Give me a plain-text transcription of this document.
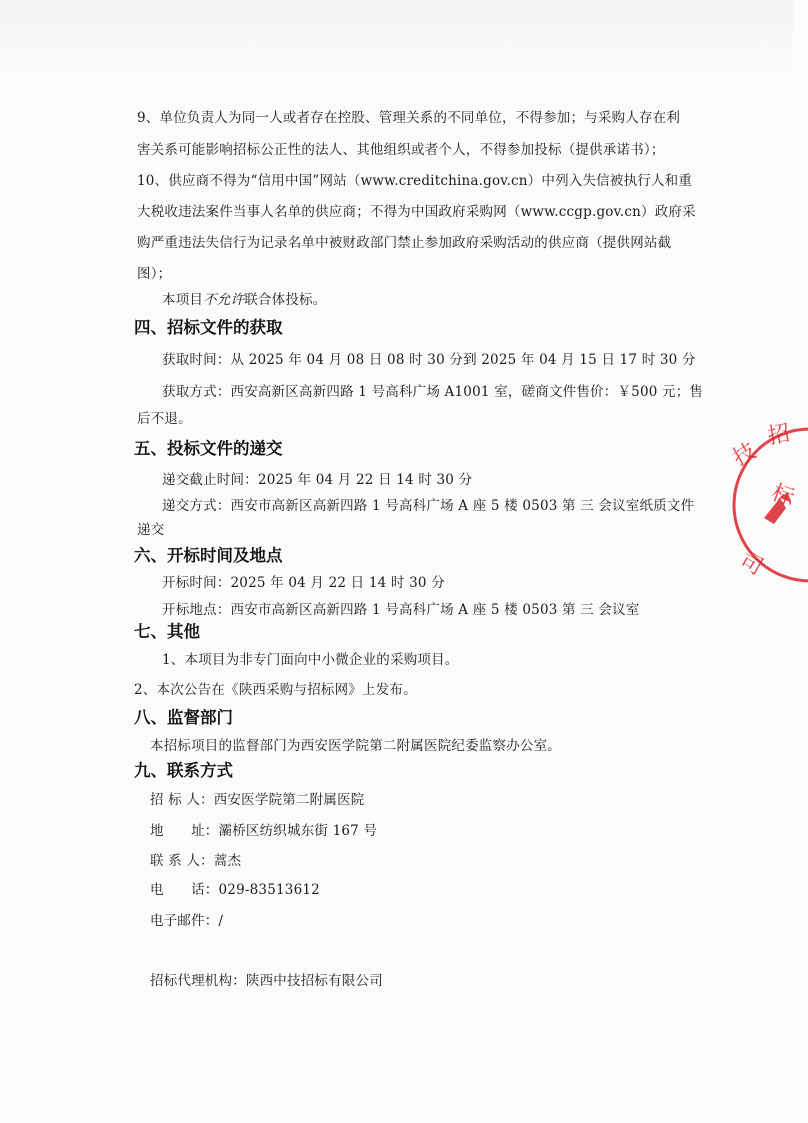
9、单位负责人为同一人或者存在控股、管理关系的不同单位，不得参加；与采购人存在利
害关系可能影响招标公正性的法人、其他组织或者个人，不得参加投标（提供承诺书）；
10、供应商不得为“信用中国”网站（www.creditchina.gov.cn）中列入失信被执行人和重
大税收违法案件当事人名单的供应商；不得为中国政府采购网（www.ccgp.gov.cn）政府采
购严重违法失信行为记录名单中被财政部门禁止参加政府采购活动的供应商（提供网站截
图）；
本项目不允许联合体投标。
四、招标文件的获取
获取时间：从 2025 年 04 月 08 日 08 时 30 分到 2025 年 04 月 15 日 17 时 30 分
获取方式：西安高新区高新四路 1 号高科广场 A1001 室，磋商文件售价：￥500 元；售
后不退。
五、投标文件的递交
递交截止时间：2025 年 04 月 22 日 14 时 30 分
递交方式：西安市高新区高新四路 1 号高科广场 A 座 5 楼 0503 第 三 会议室纸质文件
递交
六、开标时间及地点
开标时间：2025 年 04 月 22 日 14 时 30 分
开标地点：西安市高新区高新四路 1 号高科广场 A 座 5 楼 0503 第 三 会议室
七、其他
1、本项目为非专门面向中小微企业的采购项目。
2、本次公告在《陕西采购与招标网》上发布。
八、监督部门
本招标项目的监督部门为西安医学院第二附属医院纪委监察办公室。
九、联系方式
招 标 人：西安医学院第二附属医院
地　　址：灞桥区纺织城东街 167 号
联 系 人：蒿杰
电　　话：029-83513612
电子邮件：/
招标代理机构：陕西中技招标有限公司
技
招
标
司
